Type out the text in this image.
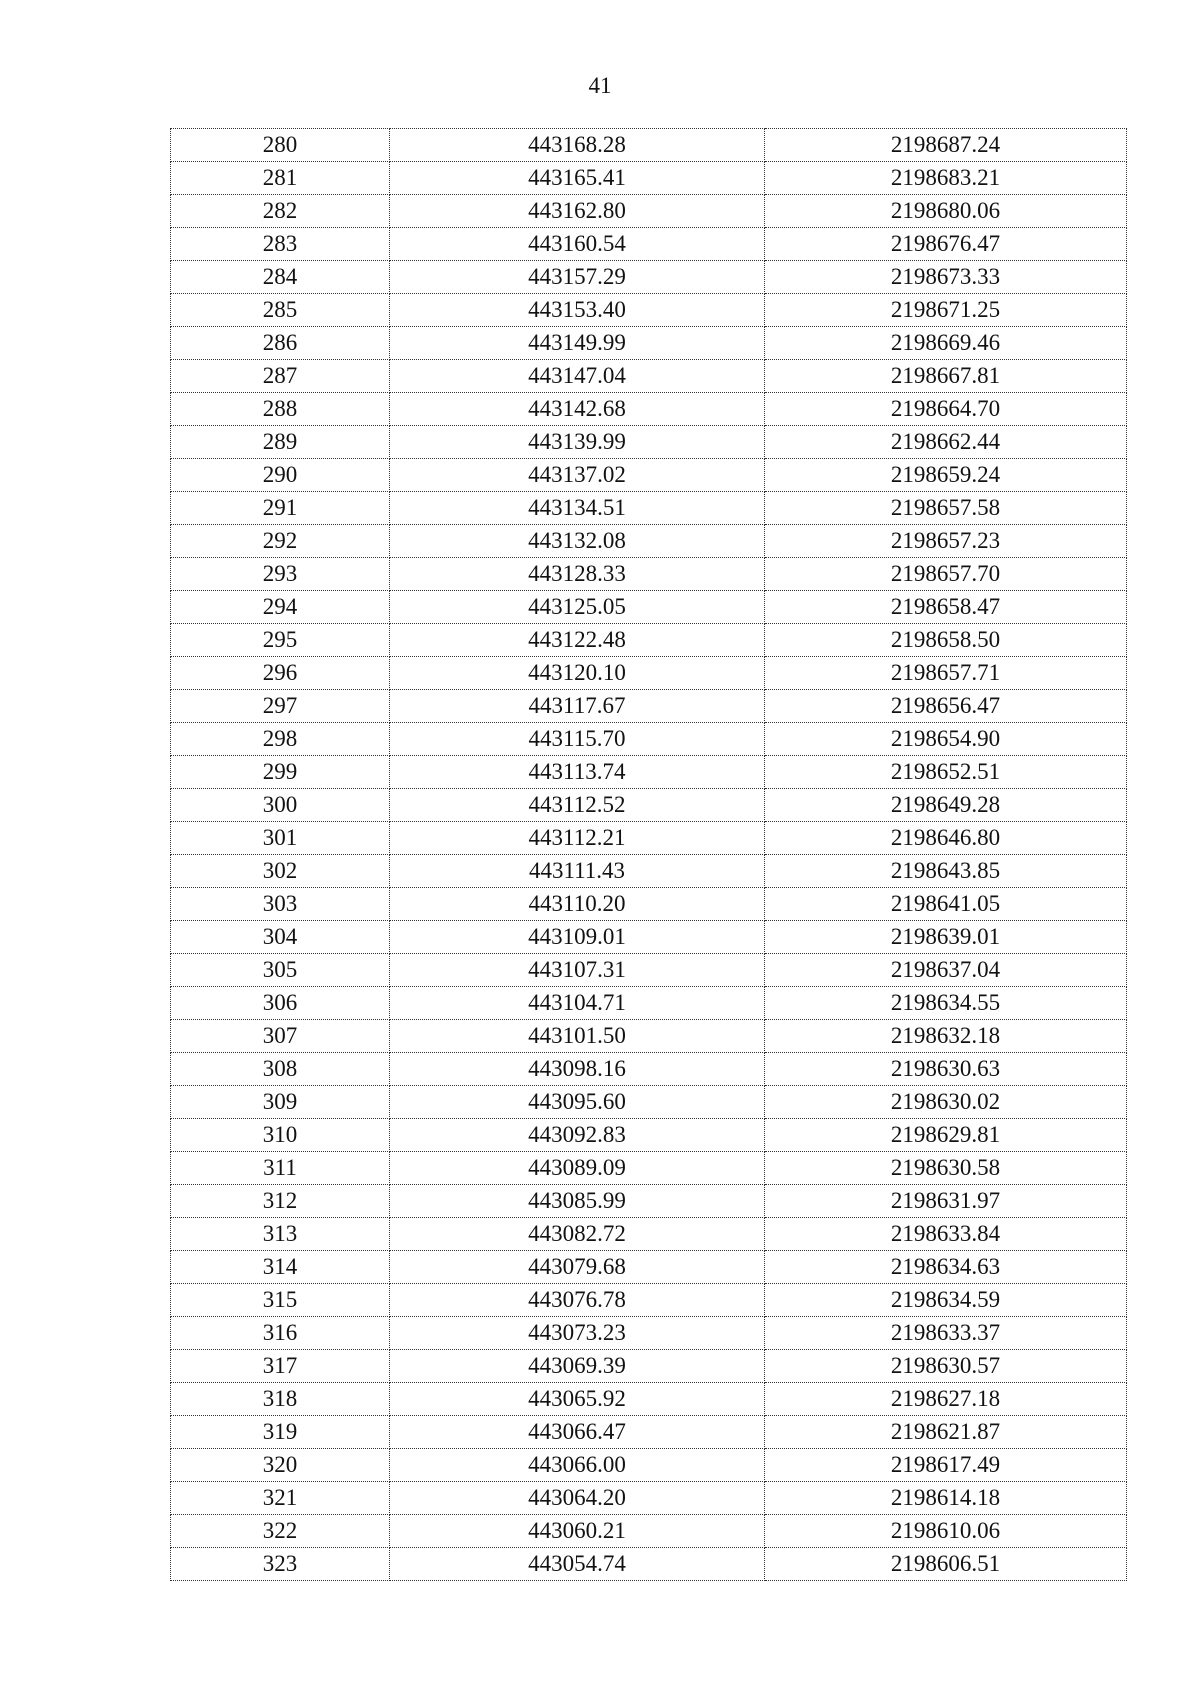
41
280	443168.28	2198687.24
281	443165.41	2198683.21
282	443162.80	2198680.06
283	443160.54	2198676.47
284	443157.29	2198673.33
285	443153.40	2198671.25
286	443149.99	2198669.46
287	443147.04	2198667.81
288	443142.68	2198664.70
289	443139.99	2198662.44
290	443137.02	2198659.24
291	443134.51	2198657.58
292	443132.08	2198657.23
293	443128.33	2198657.70
294	443125.05	2198658.47
295	443122.48	2198658.50
296	443120.10	2198657.71
297	443117.67	2198656.47
298	443115.70	2198654.90
299	443113.74	2198652.51
300	443112.52	2198649.28
301	443112.21	2198646.80
302	443111.43	2198643.85
303	443110.20	2198641.05
304	443109.01	2198639.01
305	443107.31	2198637.04
306	443104.71	2198634.55
307	443101.50	2198632.18
308	443098.16	2198630.63
309	443095.60	2198630.02
310	443092.83	2198629.81
311	443089.09	2198630.58
312	443085.99	2198631.97
313	443082.72	2198633.84
314	443079.68	2198634.63
315	443076.78	2198634.59
316	443073.23	2198633.37
317	443069.39	2198630.57
318	443065.92	2198627.18
319	443066.47	2198621.87
320	443066.00	2198617.49
321	443064.20	2198614.18
322	443060.21	2198610.06
323	443054.74	2198606.51
